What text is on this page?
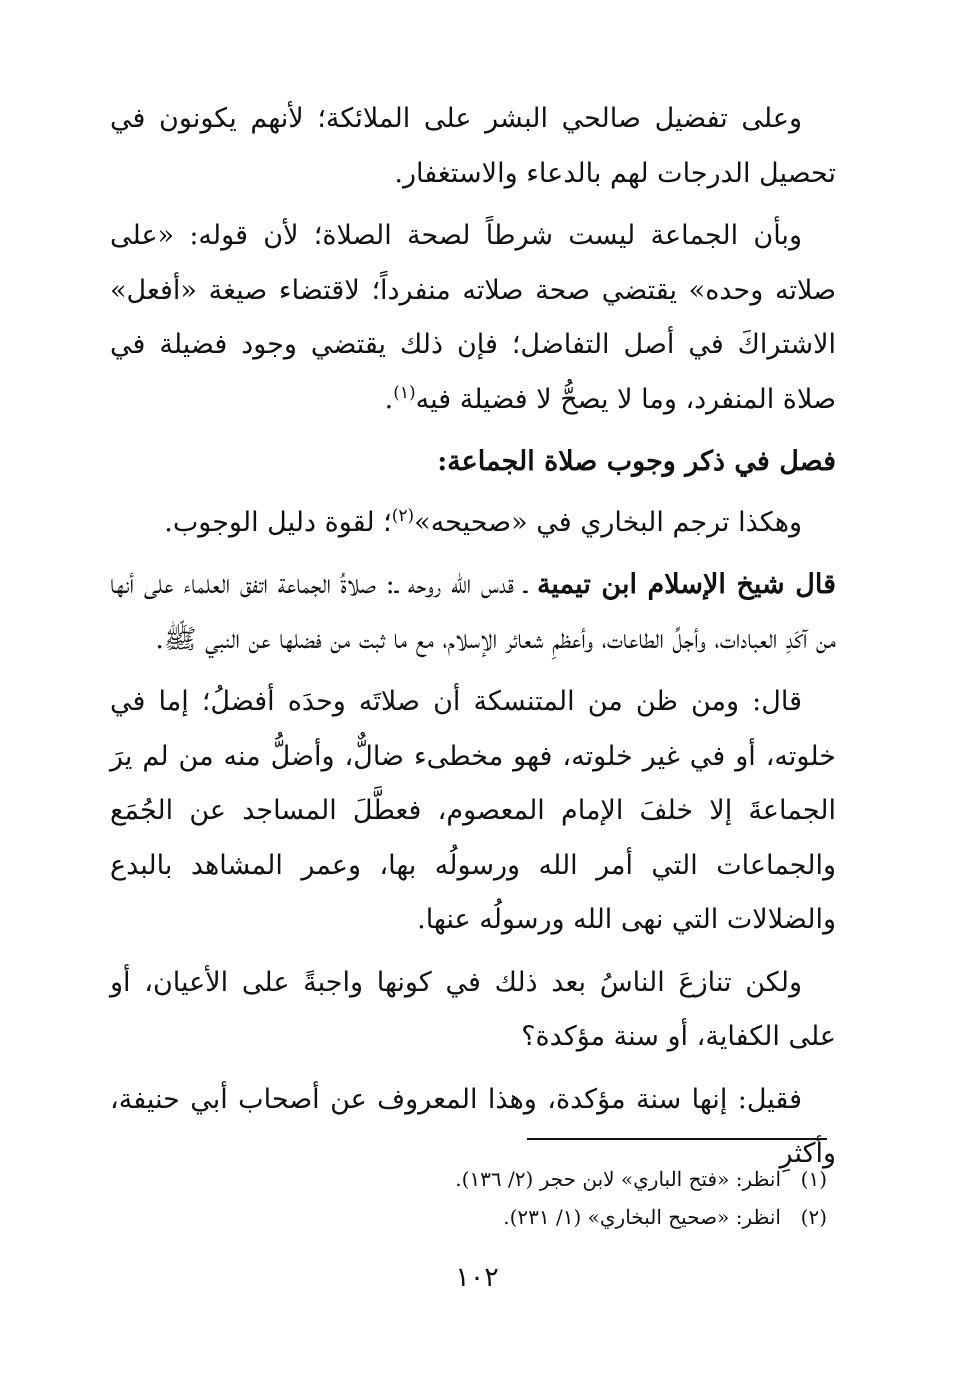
وعلى تفضيل صالحي البشر على الملائكة؛ لأنهم يكونون في تحصيل الدرجات لهم بالدعاء والاستغفار.

وبأن الجماعة ليست شرطاً لصحة الصلاة؛ لأن قوله: «على صلاته وحده» يقتضي صحة صلاته منفرداً؛ لاقتضاء صيغة «أفعل» الاشتراكَ في أصل التفاضل؛ فإن ذلك يقتضي وجود فضيلة في صلاة المنفرد، وما لا يصحُّ لا فضيلة فيه$^{(١)}$.

فصل في ذكر وجوب صلاة الجماعة:

وهكذا ترجم البخاري في «صحيحه»$^{(٢)}$؛ لقوة دليل الوجوب.

قال شيخ الإسلام ابن تيمية ـ قدس الله روحه ـ: صلاةُ الجماعة اتفق العلماء على أنها من آكَدِ العبادات، وأجلِّ الطاعات، وأعظمِ شعائر الإسلام، مع ما ثبت من فضلها عن النبي ﷺ.

قال: ومن ظن من المتنسكة أن صلاتَه وحدَه أفضلُ؛ إما في خلوته، أو في غير خلوته، فهو مخطىء ضالٌّ، وأضلُّ منه من لم يرَ الجماعةَ إلا خلفَ الإمام المعصوم، فعطَّلَ المساجد عن الجُمَع والجماعات التي أمر الله ورسولُه بها، وعمر المشاهد بالبدع والضلالات التي نهى الله ورسولُه عنها.

ولكن تنازعَ الناسُ بعد ذلك في كونها واجبةً على الأعيان، أو على الكفاية، أو سنة مؤكدة؟

فقيل: إنها سنة مؤكدة، وهذا المعروف عن أصحاب أبي حنيفة، وأكثرِ

(١)انظر: «فتح الباري» لابن حجر (٢/ ١٣٦).

(٢)انظر: «صحيح البخاري» (١/ ٢٣١).

١٠٢
